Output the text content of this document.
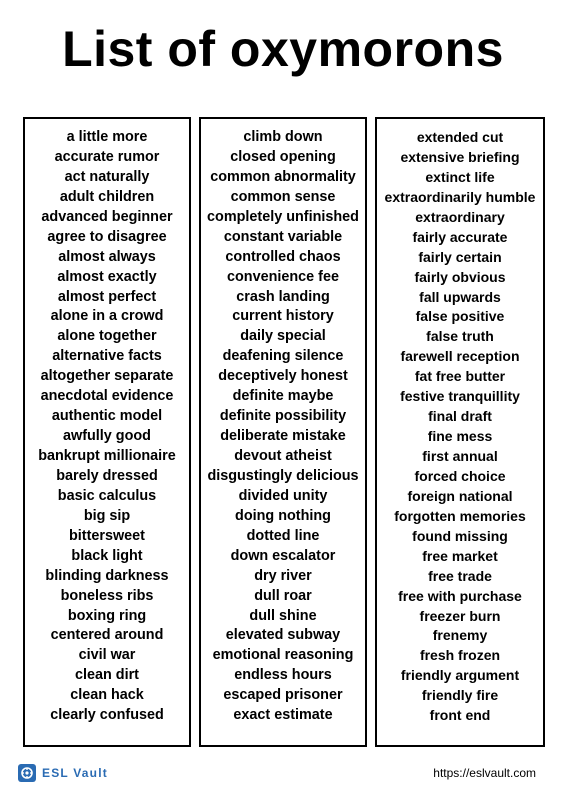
List of oxymorons
a little more
accurate rumor
act naturally
adult children
advanced beginner
agree to disagree
almost always
almost exactly
almost perfect
alone in a crowd
alone together
alternative facts
altogether separate
anecdotal evidence
authentic model
awfully good
bankrupt millionaire
barely dressed
basic calculus
big sip
bittersweet
black light
blinding darkness
boneless ribs
boxing ring
centered around
civil war
clean dirt
clean hack
clearly confused
climb down
closed opening
common abnormality
common sense
completely unfinished
constant variable
controlled chaos
convenience fee
crash landing
current history
daily special
deafening silence
deceptively honest
definite maybe
definite possibility
deliberate mistake
devout atheist
disgustingly delicious
divided unity
doing nothing
dotted line
down escalator
dry river
dull roar
dull shine
elevated subway
emotional reasoning
endless hours
escaped prisoner
exact estimate
extended cut
extensive briefing
extinct life
extraordinarily humble
extraordinary
fairly accurate
fairly certain
fairly obvious
fall upwards
false positive
false truth
farewell reception
fat free butter
festive tranquillity
final draft
fine mess
first annual
forced choice
foreign national
forgotten memories
found missing
free market
free trade
free with purchase
freezer burn
frenemy
fresh frozen
friendly argument
friendly fire
front end
ESL Vault	https://eslvault.com
